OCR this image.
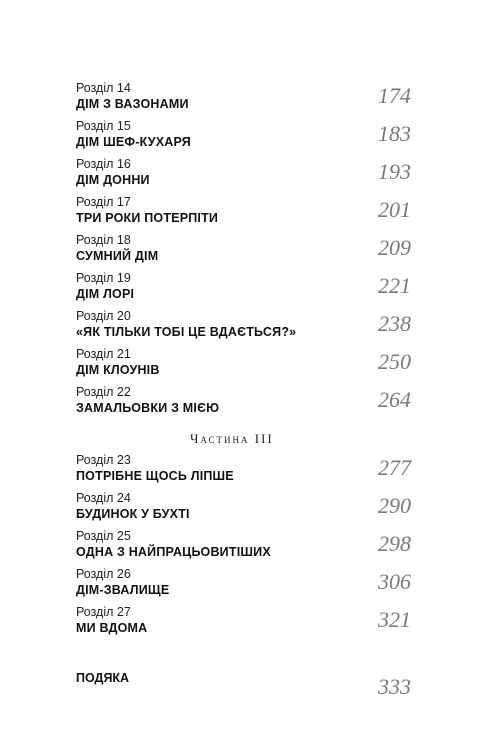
Розділ 14
ДІМ З ВАЗОНАМИ	174
Розділ 15
ДІМ ШЕФ-КУХАРЯ	183
Розділ 16
ДІМ ДОННИ	193
Розділ 17
ТРИ РОКИ ПОТЕРПІТИ	201
Розділ 18
СУМНИЙ ДІМ	209
Розділ 19
ДІМ ЛОРІ	221
Розділ 20
«ЯК ТІЛЬКИ ТОБІ ЦЕ ВДАЄТЬСЯ?»	238
Розділ 21
ДІМ КЛОУНІВ	250
Розділ 22
ЗАМАЛЬОВКИ З МІЄЮ	264
Частина III
Розділ 23
ПОТРІБНЕ ЩОСЬ ЛІПШЕ	277
Розділ 24
БУДИНОК У БУХТІ	290
Розділ 25
ОДНА З НАЙПРАЦЬОВИТІШИХ	298
Розділ 26
ДІМ-ЗВАЛИЩЕ	306
Розділ 27
МИ ВДОМА	321
ПОДЯКА	333
